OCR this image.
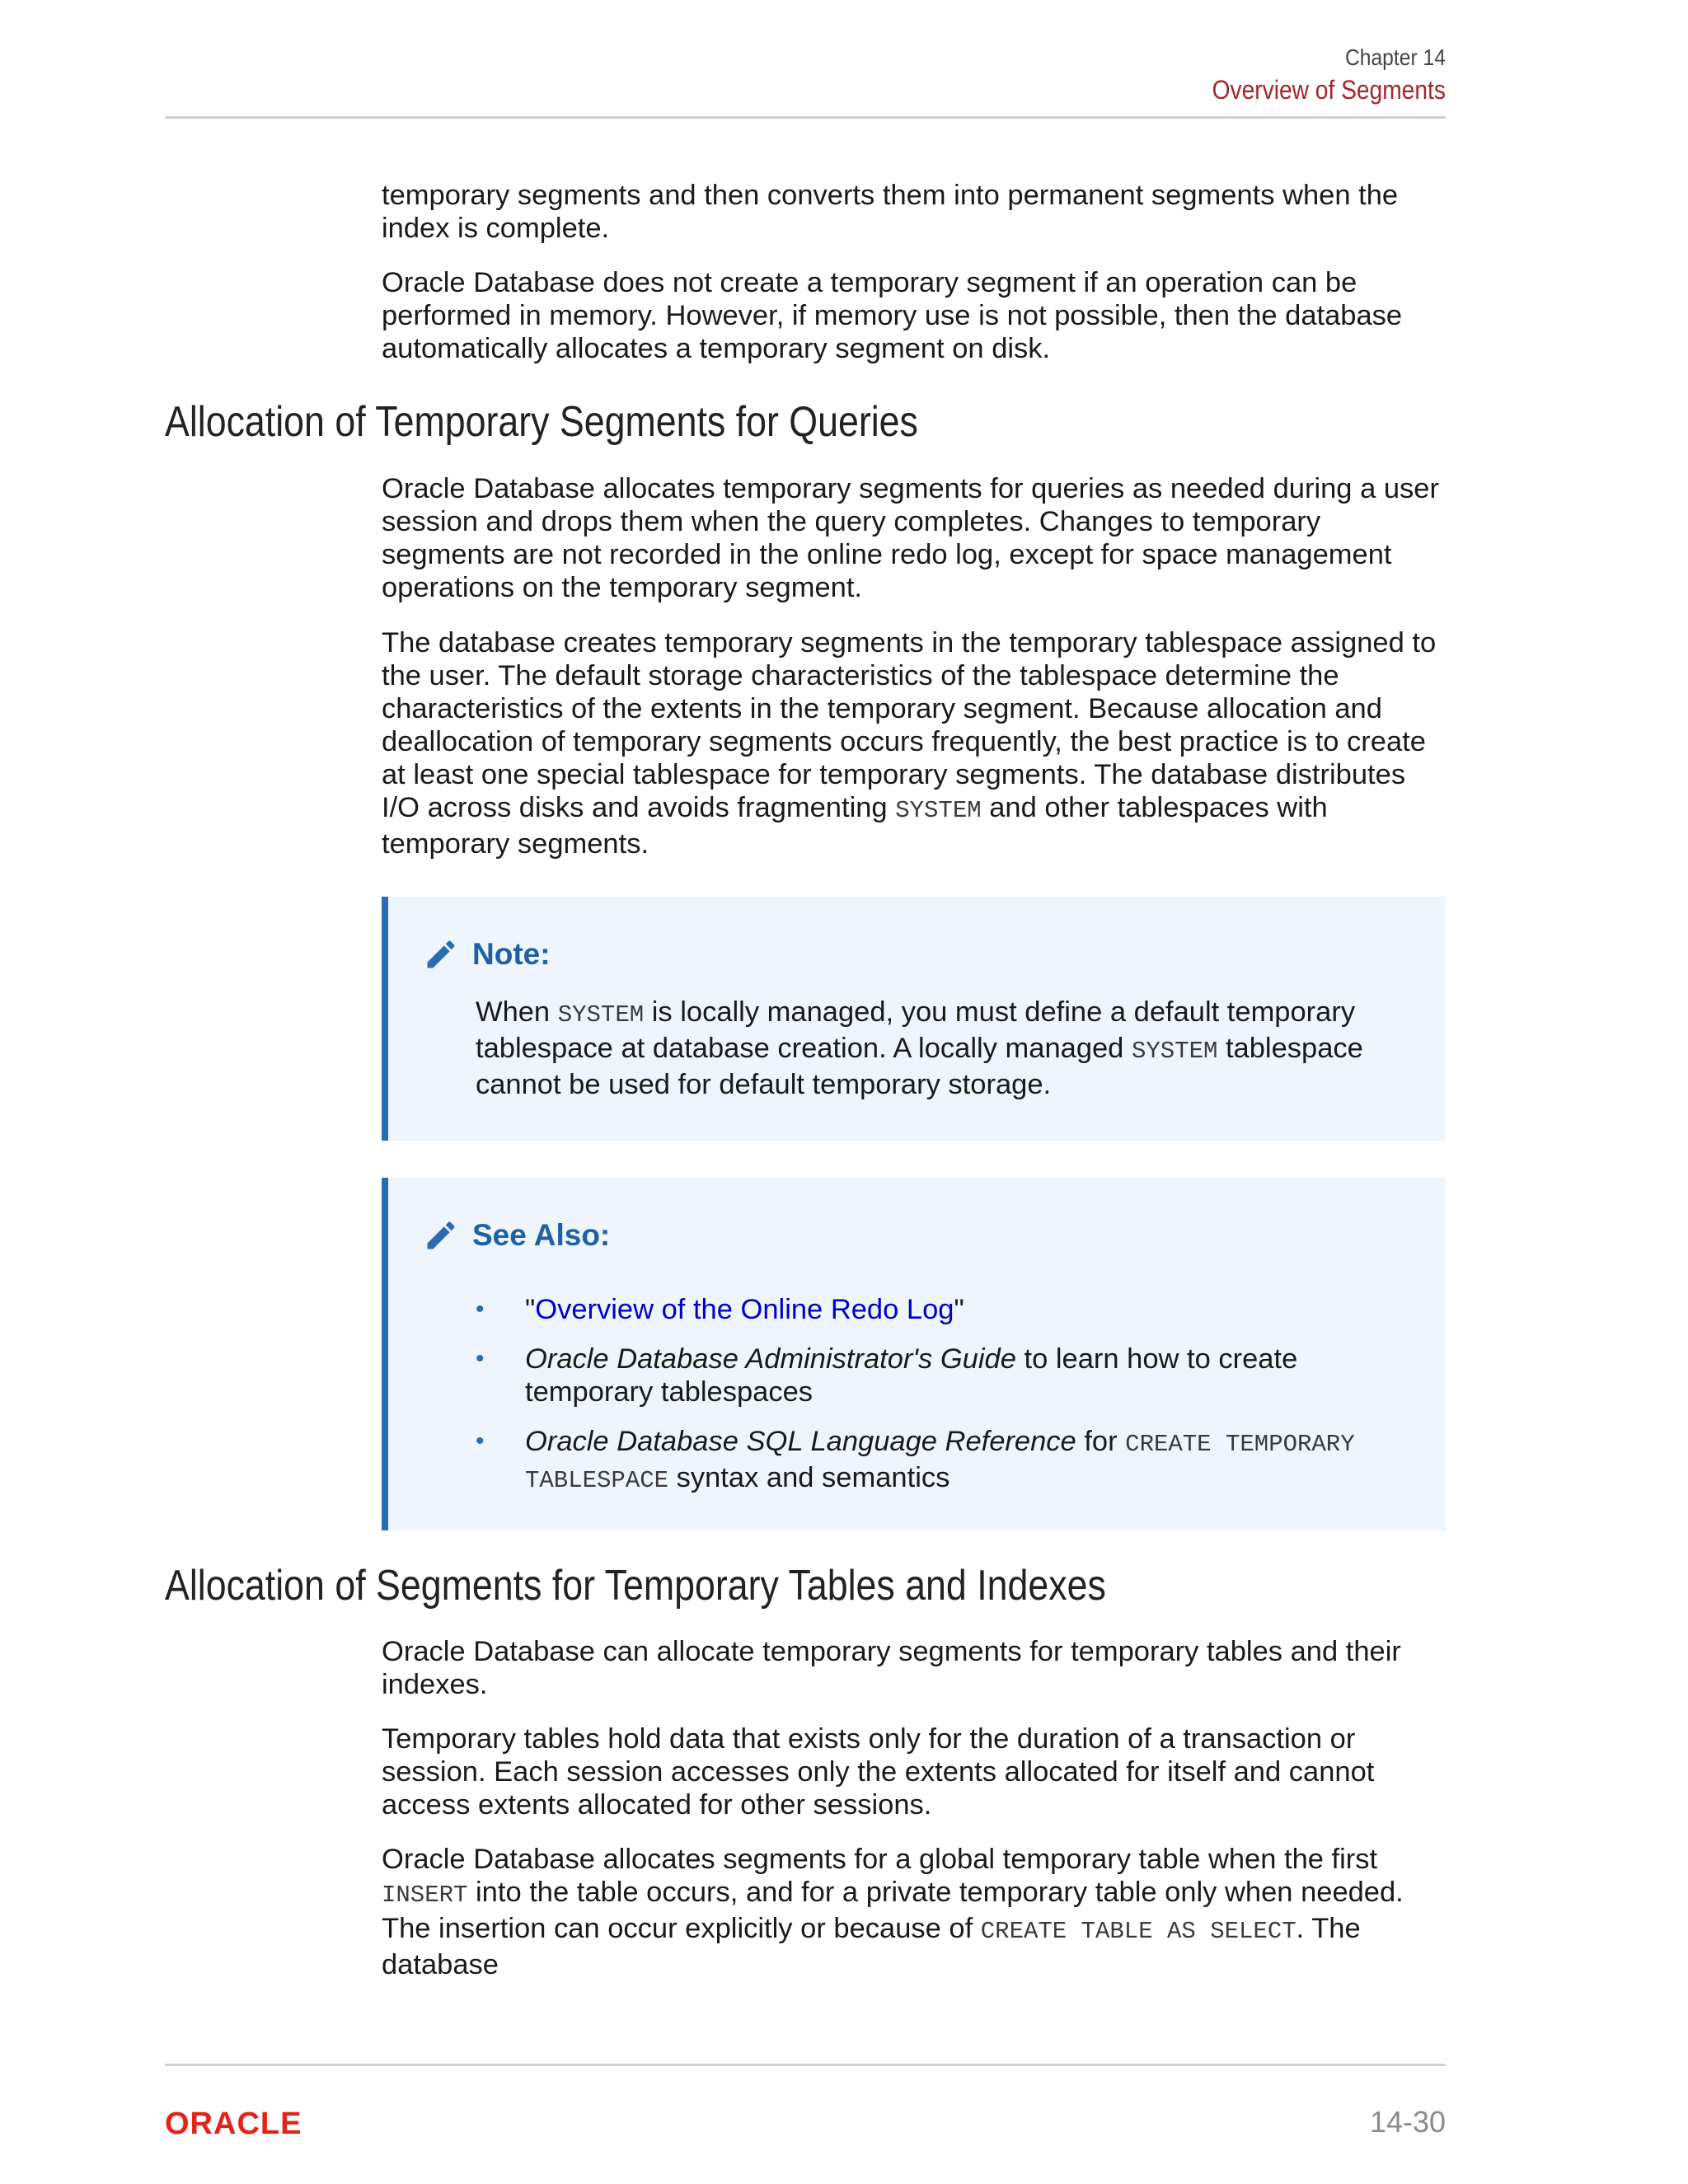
Chapter 14
Overview of Segments

temporary segments and then converts them into permanent segments when the index is complete.

Oracle Database does not create a temporary segment if an operation can be performed in memory. However, if memory use is not possible, then the database automatically allocates a temporary segment on disk.

Allocation of Temporary Segments for Queries

Oracle Database allocates temporary segments for queries as needed during a user session and drops them when the query completes. Changes to temporary segments are not recorded in the online redo log, except for space management operations on the temporary segment.

The database creates temporary segments in the temporary tablespace assigned to the user. The default storage characteristics of the tablespace determine the characteristics of the extents in the temporary segment. Because allocation and deallocation of temporary segments occurs frequently, the best practice is to create at least one special tablespace for temporary segments. The database distributes I/O across disks and avoids fragmenting SYSTEM and other tablespaces with temporary segments.

Note:
When SYSTEM is locally managed, you must define a default temporary tablespace at database creation. A locally managed SYSTEM tablespace cannot be used for default temporary storage.
See Also:
• "Overview of the Online Redo Log"
• Oracle Database Administrator's Guide to learn how to create temporary tablespaces
• Oracle Database SQL Language Reference for CREATE TEMPORARY TABLESPACE syntax and semantics
Allocation of Segments for Temporary Tables and Indexes

Oracle Database can allocate temporary segments for temporary tables and their indexes.

Temporary tables hold data that exists only for the duration of a transaction or session. Each session accesses only the extents allocated for itself and cannot access extents allocated for other sessions.

Oracle Database allocates segments for a global temporary table when the first INSERT into the table occurs, and for a private temporary table only when needed. The insertion can occur explicitly or because of CREATE TABLE AS SELECT. The database

ORACLE	14-30
